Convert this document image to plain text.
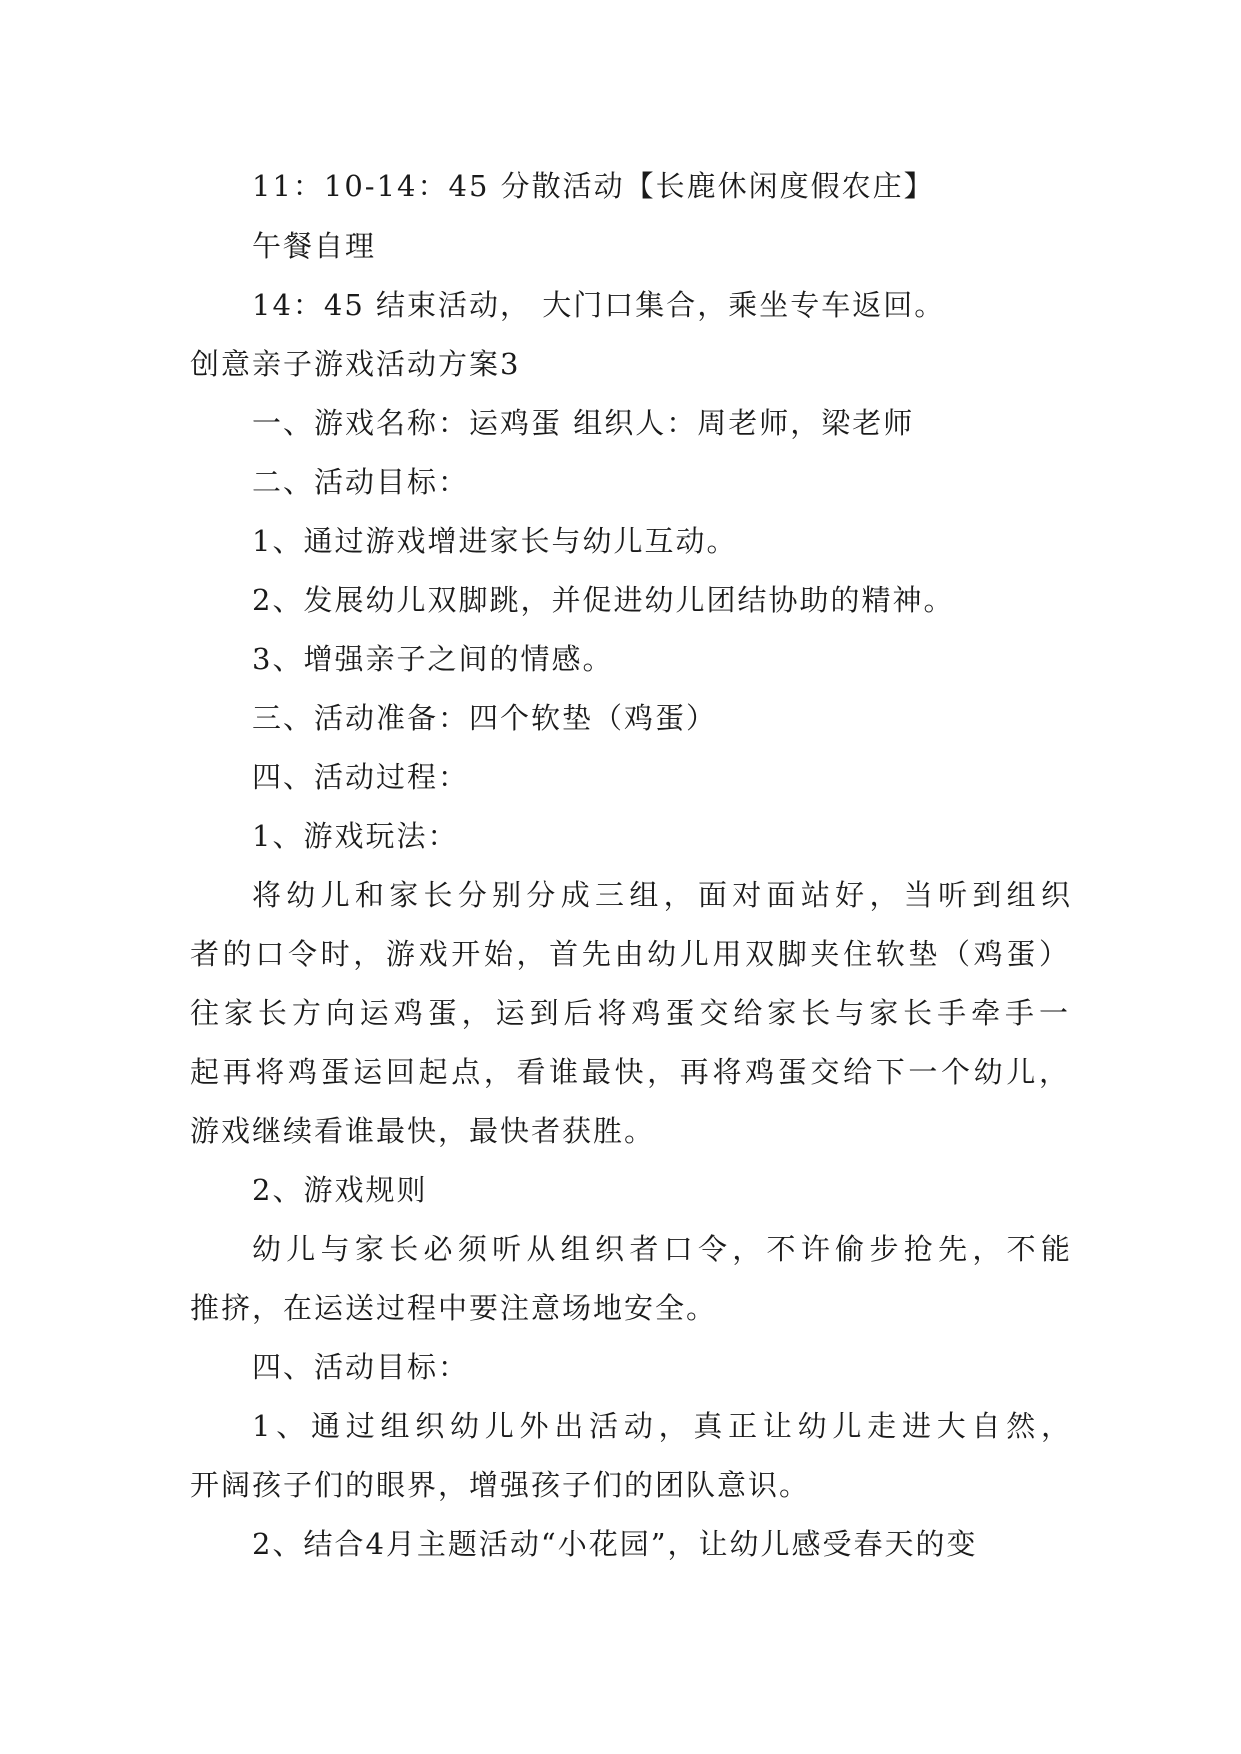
11：10-14：45 分散活动【长鹿休闲度假农庄】
午餐自理
14：45 结束活动， 大门口集合，乘坐专车返回。
创意亲子游戏活动方案3
一、游戏名称：运鸡蛋 组织人：周老师，梁老师
二、活动目标：
1、通过游戏增进家长与幼儿互动。
2、发展幼儿双脚跳，并促进幼儿团结协助的精神。
3、增强亲子之间的情感。
三、活动准备：四个软垫（鸡蛋）
四、活动过程：
1、游戏玩法：
将幼儿和家长分别分成三组，面对面站好，当听到组织
者的口令时，游戏开始，首先由幼儿用双脚夹住软垫（鸡蛋）
往家长方向运鸡蛋，运到后将鸡蛋交给家长与家长手牵手一
起再将鸡蛋运回起点，看谁最快，再将鸡蛋交给下一个幼儿，
游戏继续看谁最快，最快者获胜。
2、游戏规则
幼儿与家长必须听从组织者口令，不许偷步抢先，不能
推挤，在运送过程中要注意场地安全。
四、活动目标：
1、通过组织幼儿外出活动，真正让幼儿走进大自然，
开阔孩子们的眼界，增强孩子们的团队意识。
2、结合4月主题活动“小花园”，让幼儿感受春天的变
